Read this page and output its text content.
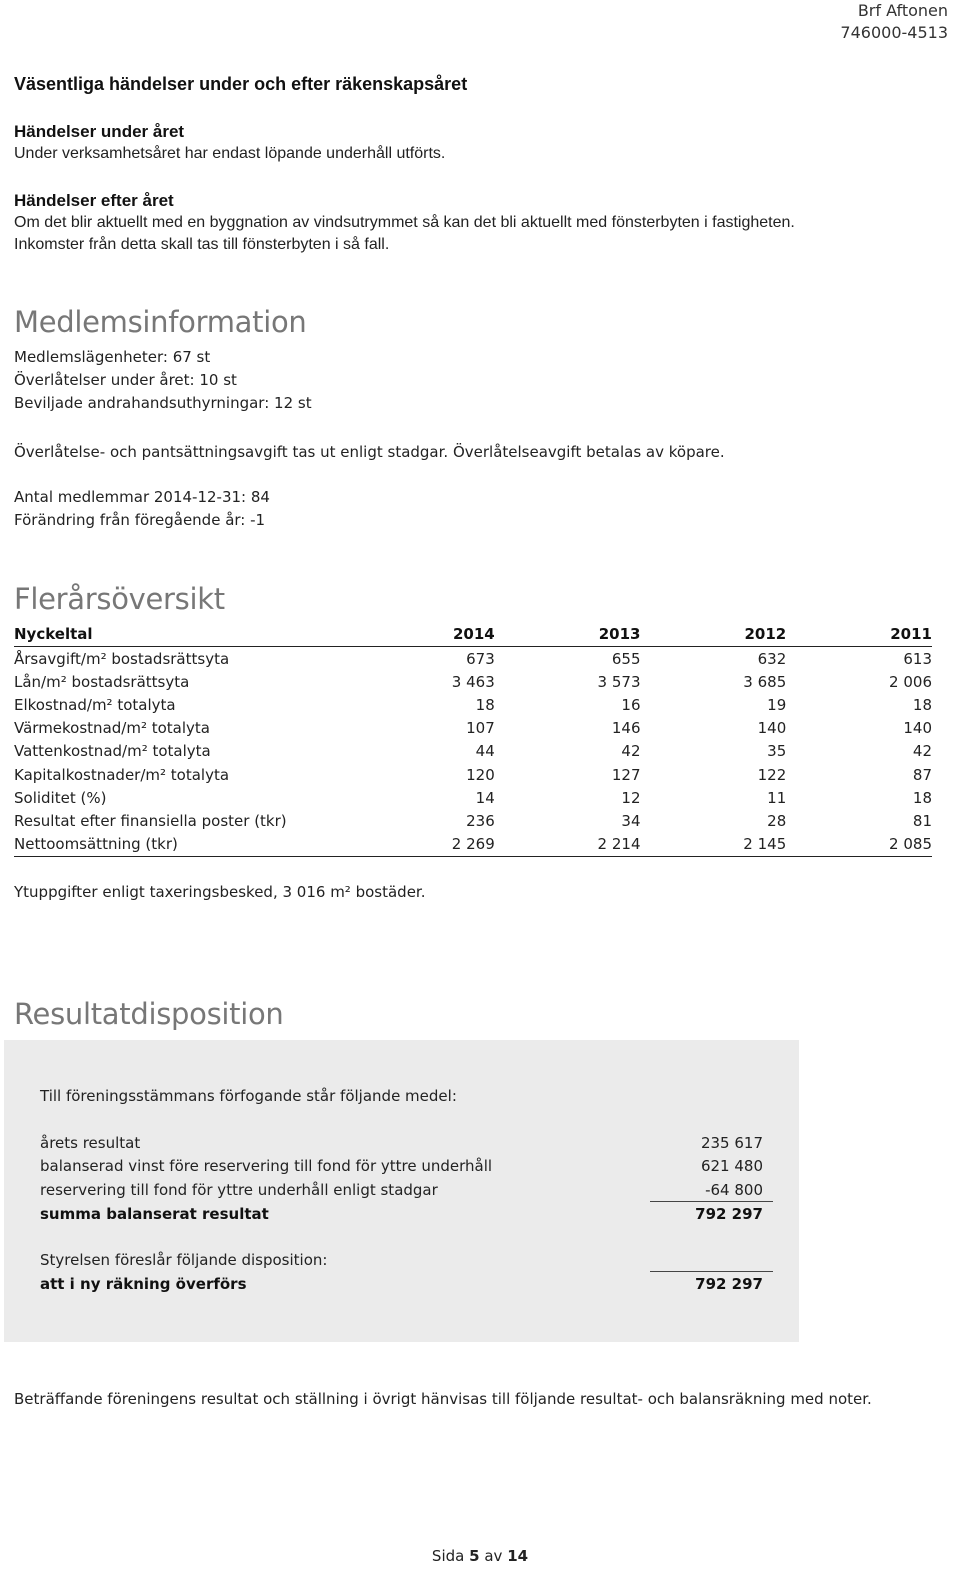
Brf Aftonen
746000-4513
Väsentliga händelser under och efter räkenskapsåret
Händelser under året

Under verksamhetsåret har endast löpande underhåll utförts.

Händelser efter året

Om det blir aktuellt med en byggnation av vindsutrymmet så kan det bli aktuellt med fönsterbyten i fastigheten.

Inkomster från detta skall tas till fönsterbyten i så fall.

Medlemsinformation

Medlemslägenheter: 67 st

Överlåtelser under året: 10 st

Beviljade andrahandsuthyrningar: 12 st

Överlåtelse- och pantsättningsavgift tas ut enligt stadgar. Överlåtelseavgift betalas av köpare.

Antal medlemmar 2014-12-31: 84

Förändring från föregående år: -1

Flerårsöversikt
Nyckeltal	2014	2013	2012	2011
Årsavgift/m² bostadsrättsyta	673	655	632	613
Lån/m² bostadsrättsyta	3 463	3 573	3 685	2 006
Elkostnad/m² totalyta	18	16	19	18
Värmekostnad/m² totalyta	107	146	140	140
Vattenkostnad/m² totalyta	44	42	35	42
Kapitalkostnader/m² totalyta	120	127	122	87
Soliditet (%)	14	12	11	18
Resultat efter finansiella poster (tkr)	236	34	28	81
Nettoomsättning (tkr)	2 269	2 214	2 145	2 085

Ytuppgifter enligt taxeringsbesked, 3 016 m² bostäder.

Resultatdisposition
Till föreningsstämmans förfogande står följande medel:
årets resultat	235 617
balanserad vinst före reservering till fond för yttre underhåll	621 480
reservering till fond för yttre underhåll enligt stadgar	-64 800
summa balanserat resultat	792 297
Styrelsen föreslår följande disposition:
att i ny räkning överförs	792 297

Beträffande föreningens resultat och ställning i övrigt hänvisas till följande resultat- och balansräkning med noter.

Sida 5 av 14
